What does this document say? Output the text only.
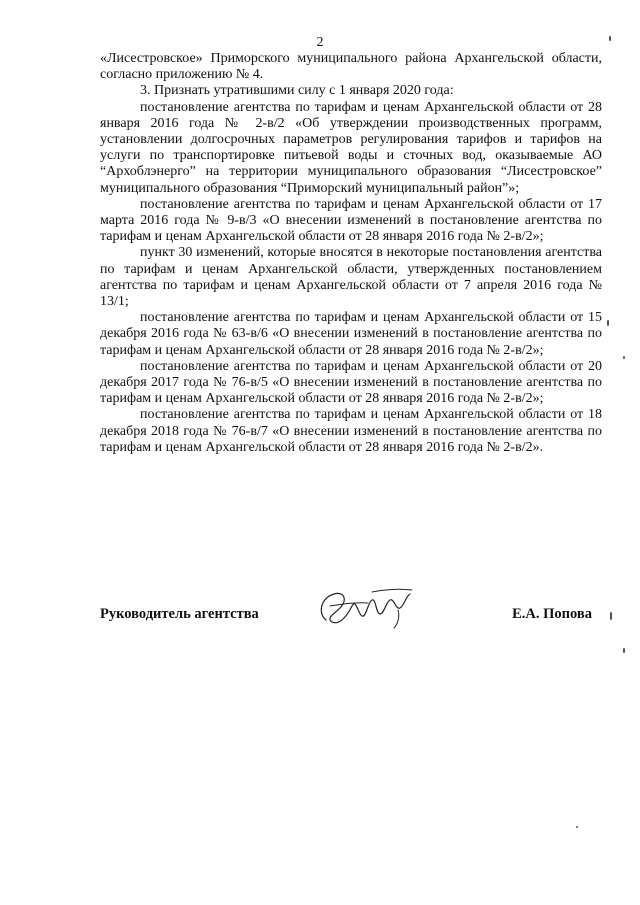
2

«Лисестровское» Приморского муниципального района Архангельской области, согласно приложению № 4.

3. Признать утратившими силу с 1 января 2020 года:

постановление агентства по тарифам и ценам Архангельской области от 28 января 2016 года № 2-в/2 «Об утверждении производственных программ, установлении долгосрочных параметров регулирования тарифов и тарифов на услуги по транспортировке питьевой воды и сточных вод, оказываемые АО “Архоблэнерго” на территории муниципального образования “Лисестровское” муниципального образования “Приморский муниципальный район”»;

постановление агентства по тарифам и ценам Архангельской области от 17 марта 2016 года № 9-в/3 «О внесении изменений в постановление агентства по тарифам и ценам Архангельской области от 28 января 2016 года № 2-в/2»;

пункт 30 изменений, которые вносятся в некоторые постановления агентства по тарифам и ценам Архангельской области, утвержденных постановлением агентства по тарифам и ценам Архангельской области от 7 апреля 2016 года № 13/1;

постановление агентства по тарифам и ценам Архангельской области от 15 декабря 2016 года № 63-в/6 «О внесении изменений в постановление агентства по тарифам и ценам Архангельской области от 28 января 2016 года № 2-в/2»;

постановление агентства по тарифам и ценам Архангельской области от 20 декабря 2017 года № 76-в/5 «О внесении изменений в постановление агентства по тарифам и ценам Архангельской области от 28 января 2016 года № 2-в/2»;

постановление агентства по тарифам и ценам Архангельской области от 18 декабря 2018 года № 76-в/7 «О внесении изменений в постановление агентства по тарифам и ценам Архангельской области от 28 января 2016 года № 2-в/2».

Руководитель агентства	Е.А. Попова
